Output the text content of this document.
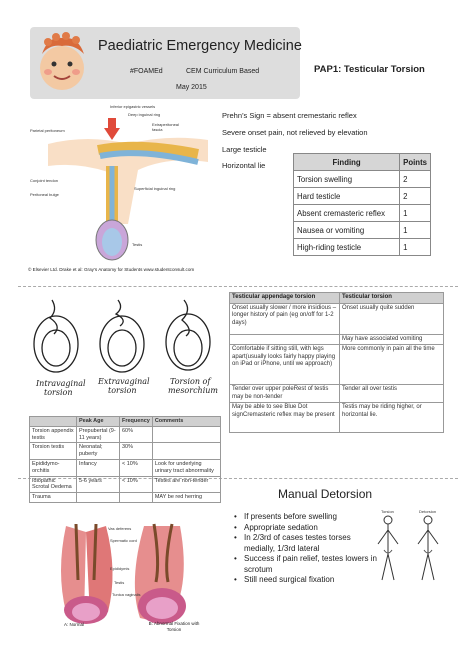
Paediatric Emergency Medicine
#FOAMEd	CEM Curriculum Based
May 2015
PAP1: Testicular Torsion
Prehn’s Sign = absent cremestaric reflex
Severe onset pain, not relieved by elevation
Large testicle
Horizontal lie	Finding	Points
Torsion swelling	2
Hard testicle	2
Absent cremasteric reflex	1
Nausea or vomiting	1
High-riding testicle	1
Inferior epigastric vessels
Deep inguinal ring
Extraperitoneal
fascia
Parietal peritoneum
Conjoint tendon
Peritoneal bulge
Superficial inguinal ring
Testis
© Elsevier Ltd. Drake et al: Gray’s Anatomy for Students www.studentconsult.com
Intravaginal
torsion
Extravaginal
torsion
Torsion of
mesorchium
Testicular appendage torsion	Testicular torsion
Onset usually slower / more insidious – longer history of pain (eg on/off for 1-2 days)	Onset usually quite sudden
	May have associated vomiting
Comfortable if sitting still, with legs apart(usually looks fairly happy playing on iPad or iPhone, until we approach)	More commonly in pain all the time
Tender over upper poleRest of testis may be non-tender	Tender all over testis
May be able to see Blue Dot signCremasteric reflex may be present	Testis may be riding higher, or horizontal lie.
	Peak Age	Frequency	Comments
Torsion appendix testis	Prepubertal (9-11 years)	60%	
Torsion testis	Neonatal; puberty	30%	
Epididymo-orchitis	Infancy	< 10%	Look for underlying urinary tract abnormality
Idiopathic Scrotal Oedema	5-6 years	< 10%	Testes are non-tender
Trauma			MAY be red herring	Manual Detorsion
• If presents before swelling
• Appropriate sedation
• In 2/3rd of cases testes torses medially, 1/3rd lateral
• Success if pain relief, testes lowers in scrotum
• Still need surgical fixation
Torsion	Detorsion
Vas deferens
Spermatic cord
Epididymis
Testis
Tunica vaginalis
A: Normal	B: Abnormal Fixation with Torsion
